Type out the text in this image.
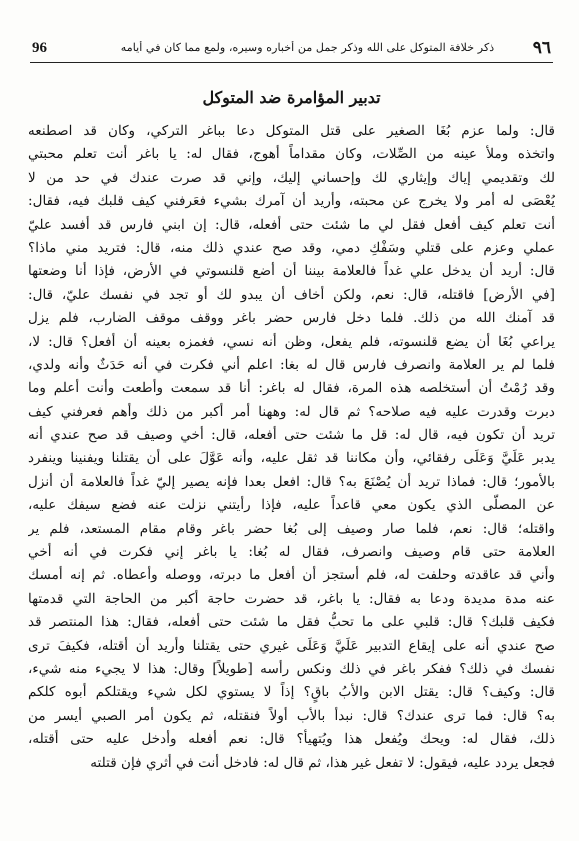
96	ذكر خلافة المتوكل على الله وذكر جمل من أخباره وسيره، ولمع مما كان في أيامه ٩٦
تدبير المؤامرة ضد المتوكل
قال: ولما عزم بُغَا الصغير على قتل المتوكل دعا بباغر التركي، وكان قد اصطنعه
واتخذه وملأ عينه من الصِّلات، وكان مقداماً أهوج، فقال له: يا باغر أنت تعلم محبتي
لك وتقديمي إياك وإيثاري لك وإحساني إليك، وإني قد صرت عندك في حد من لا
يُعْصَى له أمر ولا يخرج عن محبته، وأريد أن آمرك بشيء فعَرفني كيف قلبك فيه، فقال:
أنت تعلم كيف أفعل فقل لي ما شئت حتى أفعله، قال: إن ابني فارس قد أفسد عليّ
عملي وعزم على قتلي وسَفْكِ دمي، وقد صح عندي ذلك منه، قال: فتريد مني ماذا؟
قال: أريد أن يدخل علي غداً فالعلامة بيننا أن أضع قلنسوتي في الأرض، فإذا أنا وضعتها
[في الأرض] فاقتله، قال: نعم، ولكن أخاف أن يبدو لك أو تجد في نفسك عليّ، قال:
قد آمنك الله من ذلك. فلما دخل فارس حضر باغر ووقف موقف الضارب، فلم يزل
يراعي بُغَا أن يضع قلنسوته، فلم يفعل، وظن أنه نسي، فغمزه بعينه أن أفعل؟ قال: لا،
فلما لم ير العلامة وانصرف فارس قال له بغا: اعلم أني فكرت في أنه حَدَثٌ وأنه ولدي،
وقد رُمْتُ أن أستخلصه هذه المرة، فقال له باغر: أنا قد سمعت وأطعت وأنت أعلم وما
دبرت وقدرت عليه فيه صلاحه؟ ثم قال له: وههنا أمر أكبر من ذلك وأهم فعرفني كيف
تريد أن تكون فيه، قال له: قل ما شئت حتى أفعله، قال: أخي وصيف قد صح عندي أنه
يدبر عَلَيَّ وَعَلَى رفقائي، وأن مكاننا قد ثقل عليه، وأنه عَوَّلَ على أن يقتلنا ويفنينا وينفرد
بالأمور؛ قال: فماذا تريد أن يُصْنَعَ به؟ قال: افعل بعدا فإنه يصير إليّ غداً فالعلامة أن أنزل
عن المصلّى الذي يكون معي قاعداً عليه، فإذا رأيتني نزلت عنه فضع سيفك عليه،
واقتله؛ قال: نعم، فلما صار وصيف إلى بُغا حضر باغر وقام مقام المستعد، فلم ير
العلامة حتى قام وصيف وانصرف، فقال له بُغا: يا باغر إني فكرت في أنه أخي
وأني قد عاقدته وحلفت له، فلم أستجز أن أفعل ما دبرته، ووصله وأعطاه. ثم إنه أمسك
عنه مدة مديدة ودعا به فقال: يا باغر، قد حضرت حاجة أكبر من الحاجة التي قدمتها
فكيف قلبك؟ قال: قلبي على ما تحبُّ فقل ما شئت حتى أفعله، فقال: هذا المنتصر قد
صح عندي أنه على إيقاع التدبير عَلَيَّ وَعَلَى غيري حتى يقتلنا وأريد أن أقتله، فكيفَ ترى
نفسك في ذلك؟ ففكر باغر في ذلك ونكس رأسه [طويلاً] وقال: هذا لا يجيء منه شيء،
قال: وكيف؟ قال: يقتل الابن والأبُ باقٍ؟ إذاً لا يستوي لكل شيء ويقتلكم أبوه كلكم
به؟ قال: فما ترى عندك؟ قال: نبدأ بالأب أولاً فنقتله، ثم يكون أمر الصبي أيسر من
ذلك، فقال له: ويحك ويُفعل هذا ويُتهيأ؟ قال: نعم أفعله وأدخل عليه حتى أقتله،
فجعل يردد عليه، فيقول: لا تفعل غير هذا، ثم قال له: فادخل أنت في أثري فإن قتلته
